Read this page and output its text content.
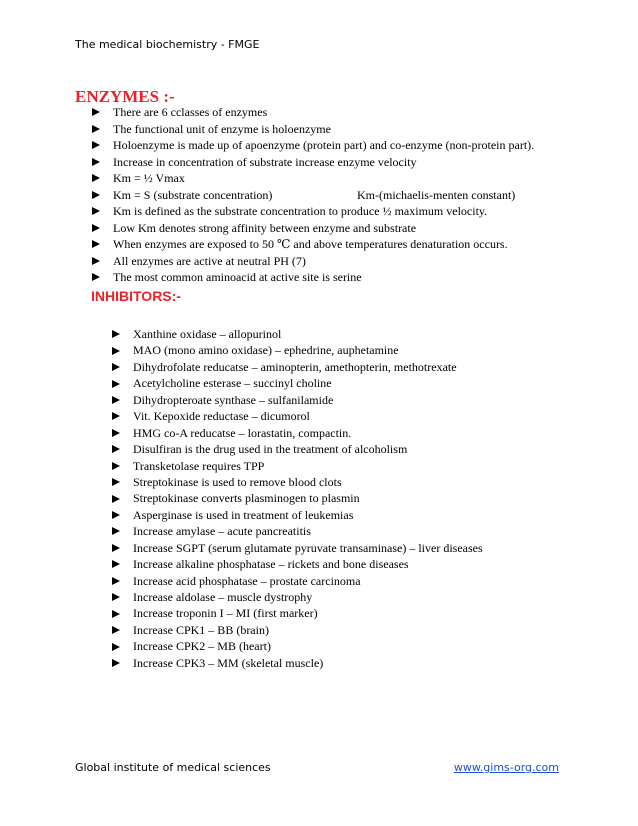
The medical biochemistry - FMGE
ENZYMES :-
There are 6 cclasses of enzymes
The functional unit of enzyme is holoenzyme
Holoenzyme is made up of apoenzyme (protein part) and co-enzyme (non-protein part).
Increase in concentration of substrate increase enzyme velocity
Km = ½ Vmax
Km = S (substrate concentration)	Km-(michaelis-menten constant)
Km is defined as the substrate concentration to produce ½ maximum velocity.
Low Km denotes strong affinity between enzyme and substrate
When enzymes are exposed to 50 ℃ and above temperatures denaturation occurs.
All enzymes are active at neutral PH (7)
The most common aminoacid at active site is serine
INHIBITORS:-
Xanthine oxidase – allopurinol
MAO (mono amino oxidase) – ephedrine, auphetamine
Dihydrofolate reducatse – aminopterin, amethopterin, methotrexate
Acetylcholine esterase – succinyl choline
Dihydropteroate synthase – sulfanilamide
Vit. Kepoxide reductase – dicumorol
HMG co-A reducatse – lorastatin, compactin.
Disulfiran is the drug used in the treatment of alcoholism
Transketolase requires TPP
Streptokinase is used to remove blood clots
Streptokinase converts plasminogen to plasmin
Asperginase is used in treatment of leukemias
Increase amylase – acute pancreatitis
Increase SGPT (serum glutamate pyruvate transaminase) – liver diseases
Increase alkaline phosphatase – rickets and bone diseases
Increase acid phosphatase – prostate carcinoma
Increase aldolase – muscle dystrophy
Increase troponin I – MI (first marker)
Increase CPK1 – BB (brain)
Increase CPK2 – MB (heart)
Increase CPK3 – MM (skeletal muscle)
Global institute of medical sciences	www.gims-org.com
